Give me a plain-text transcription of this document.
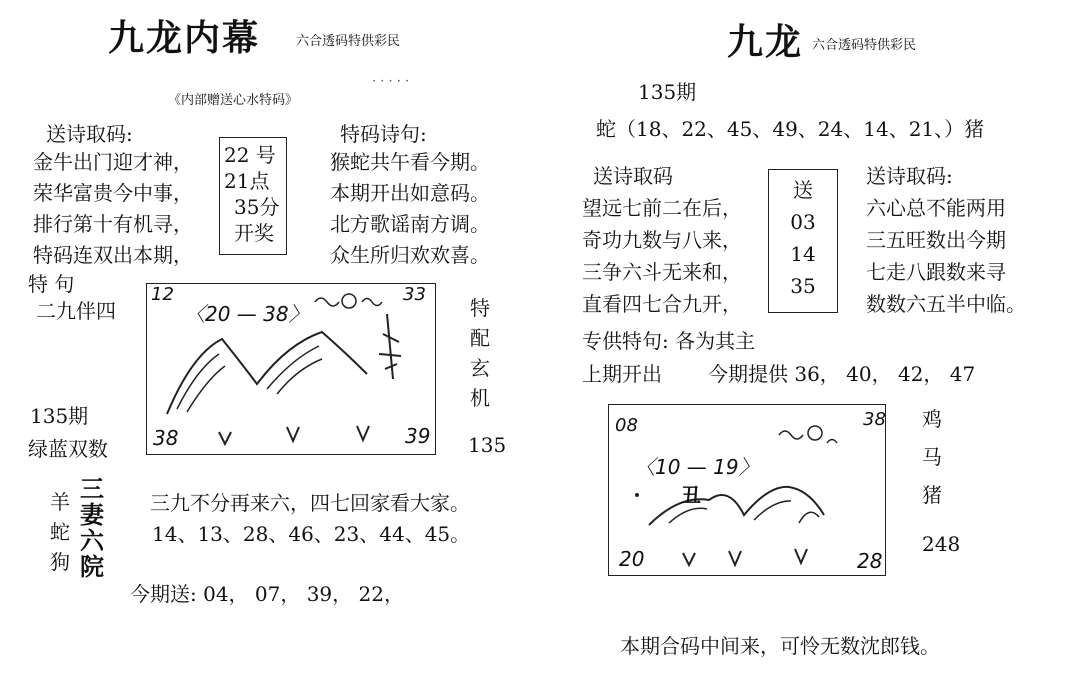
九龙内幕	六合透码特供彩民
· · · · ·
《内部赠送心水特码》
送诗取码:
金牛出门迎才神，
荣华富贵今中事，
排行第十有机寻，
特码连双出本期，
22 号
21点
35分
开奖
特码诗句:
猴蛇共午看今期。
本期开出如意码。
北方歌谣南方调。
众生所归欢欢喜。
特 句
二九伴四
135期
绿蓝双数
12
〈20 — 38〉
33
38	39
特
配
玄
机
135
羊
蛇
狗
三
妻
六
院
三九不分再来六，四七回家看大家。
14、13、28、46、23、44、45。
今期送: 04， 07， 39， 22，
九龙 六合透码特供彩民
135期
蛇（18、22、45、49、24、14、21、）猪
送诗取码
望远七前二在后，
奇功九数与八来，
三争六斗无来和，
直看四七合九开，
送
03
14
35
送诗取码:
六心总不能两用
三五旺数出今期
七走八跟数来寻
数数六五半中临。
专供特句: 各为其主
上期开出 今期提供 36， 40， 42， 47
08
〈10 — 19〉
38
丑
20	28
鸡
马
猪
248
本期合码中间来，可怜无数沈郎钱。
